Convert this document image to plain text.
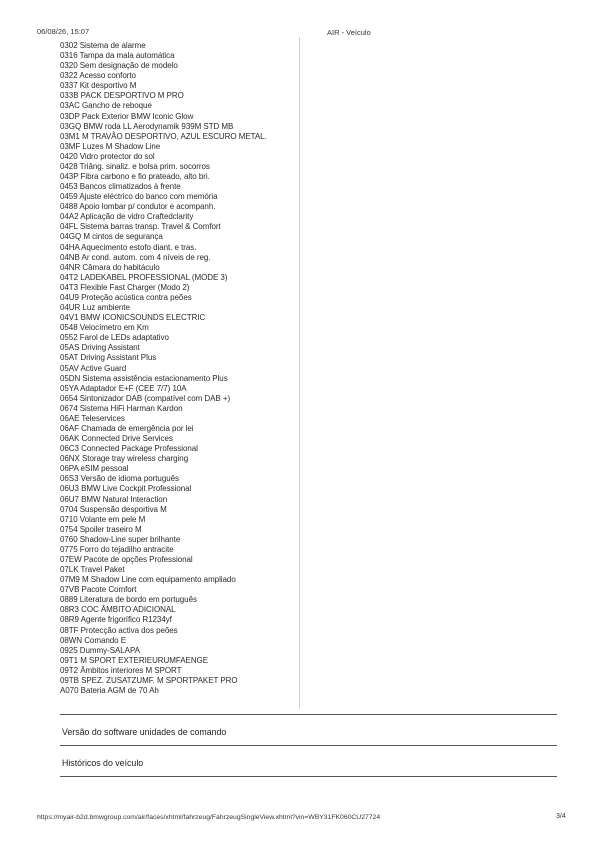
06/08/26, 15:07	AIR - Veículo
0302 Sistema de alarme
0316 Tampa da mala automática
0320 Sem designação de modelo
0322 Acesso conforto
0337 Kit desportivo M
033B PACK DESPORTIVO M PRO
03AC Gancho de reboque
03DP Pack Exterior BMW Iconic Glow
03GQ BMW roda LL Aerodynamik 939M STD MB
03M1 M TRAVÃO DESPORTIVO, AZUL ESCURO METAL.
03MF Luzes M Shadow Line
0420 Vidro protector do sol
0428 Triâng. sinaliz. e bolsa prim. socorros
043P Fibra carbono e fio prateado, alto bri.
0453 Bancos climatizados à frente
0459 Ajuste eléctrico do banco com memória
0488 Apoio lombar p/ condutor e acompanh.
04A2 Aplicação de vidro Craftedclarity
04FL Sistema barras transp. Travel & Comfort
04GQ M cintos de segurança
04HA Aquecimento estofo diant. e tras.
04NB Ar cond. autom. com 4 níveis de reg.
04NR Câmara do habitáculo
04T2 LADEKABEL PROFESSIONAL (MODE 3)
04T3 Flexible Fast Charger (Modo 2)
04U9 Proteção acústica contra peões
04UR Luz ambiente
04V1 BMW ICONICSOUNDS ELECTRIC
0548 Velocímetro em Km
0552 Farol de LEDs adaptativo
05AS Driving Assistant
05AT Driving Assistant Plus
05AV Active Guard
05DN Sistema assistência estacionamento Plus
05YA Adaptador E+F (CEE 7/7) 10A
0654 Sintonizador DAB (compatível com DAB +)
0674 Sistema HiFi Harman Kardon
06AE Teleservices
06AF Chamada de emergência por lei
06AK Connected Drive Services
06C3 Connected Package Professional
06NX Storage tray wireless charging
06PA eSIM pessoal
06S3 Versão de idioma português
06U3 BMW Live Cockpit Professional
06U7 BMW Natural Interaction
0704 Suspensão desportiva M
0710 Volante em pele M
0754 Spoiler traseiro M
0760 Shadow-Line super brilhante
0775 Forro do tejadilho antracite
07EW Pacote de opções Professional
07LK Travel Paket
07M9 M Shadow Line com equipamento ampliado
07VB Pacote Comfort
0889 Literatura de bordo em português
08R3 COC ÂMBITO ADICIONAL
08R9 Agente frigorífico R1234yf
08TF Protecção activa dos peões
08WN Comando E
0925 Dummy-SALAPA
09T1 M SPORT EXTERIEURUMFAENGE
09T2 Âmbitos interiores M SPORT
09TB SPEZ. ZUSATZUMF. M SPORTPAKET PRO
A070 Bateria AGM de 70 Ah
Versão do software unidades de comando
Históricos do veículo
https://myair-b2d.bmwgroup.com/air/faces/xhtml/fahrzeug/FahrzeugSingleView.xhtml?vin=WBY31FK060CU27724	3/4
